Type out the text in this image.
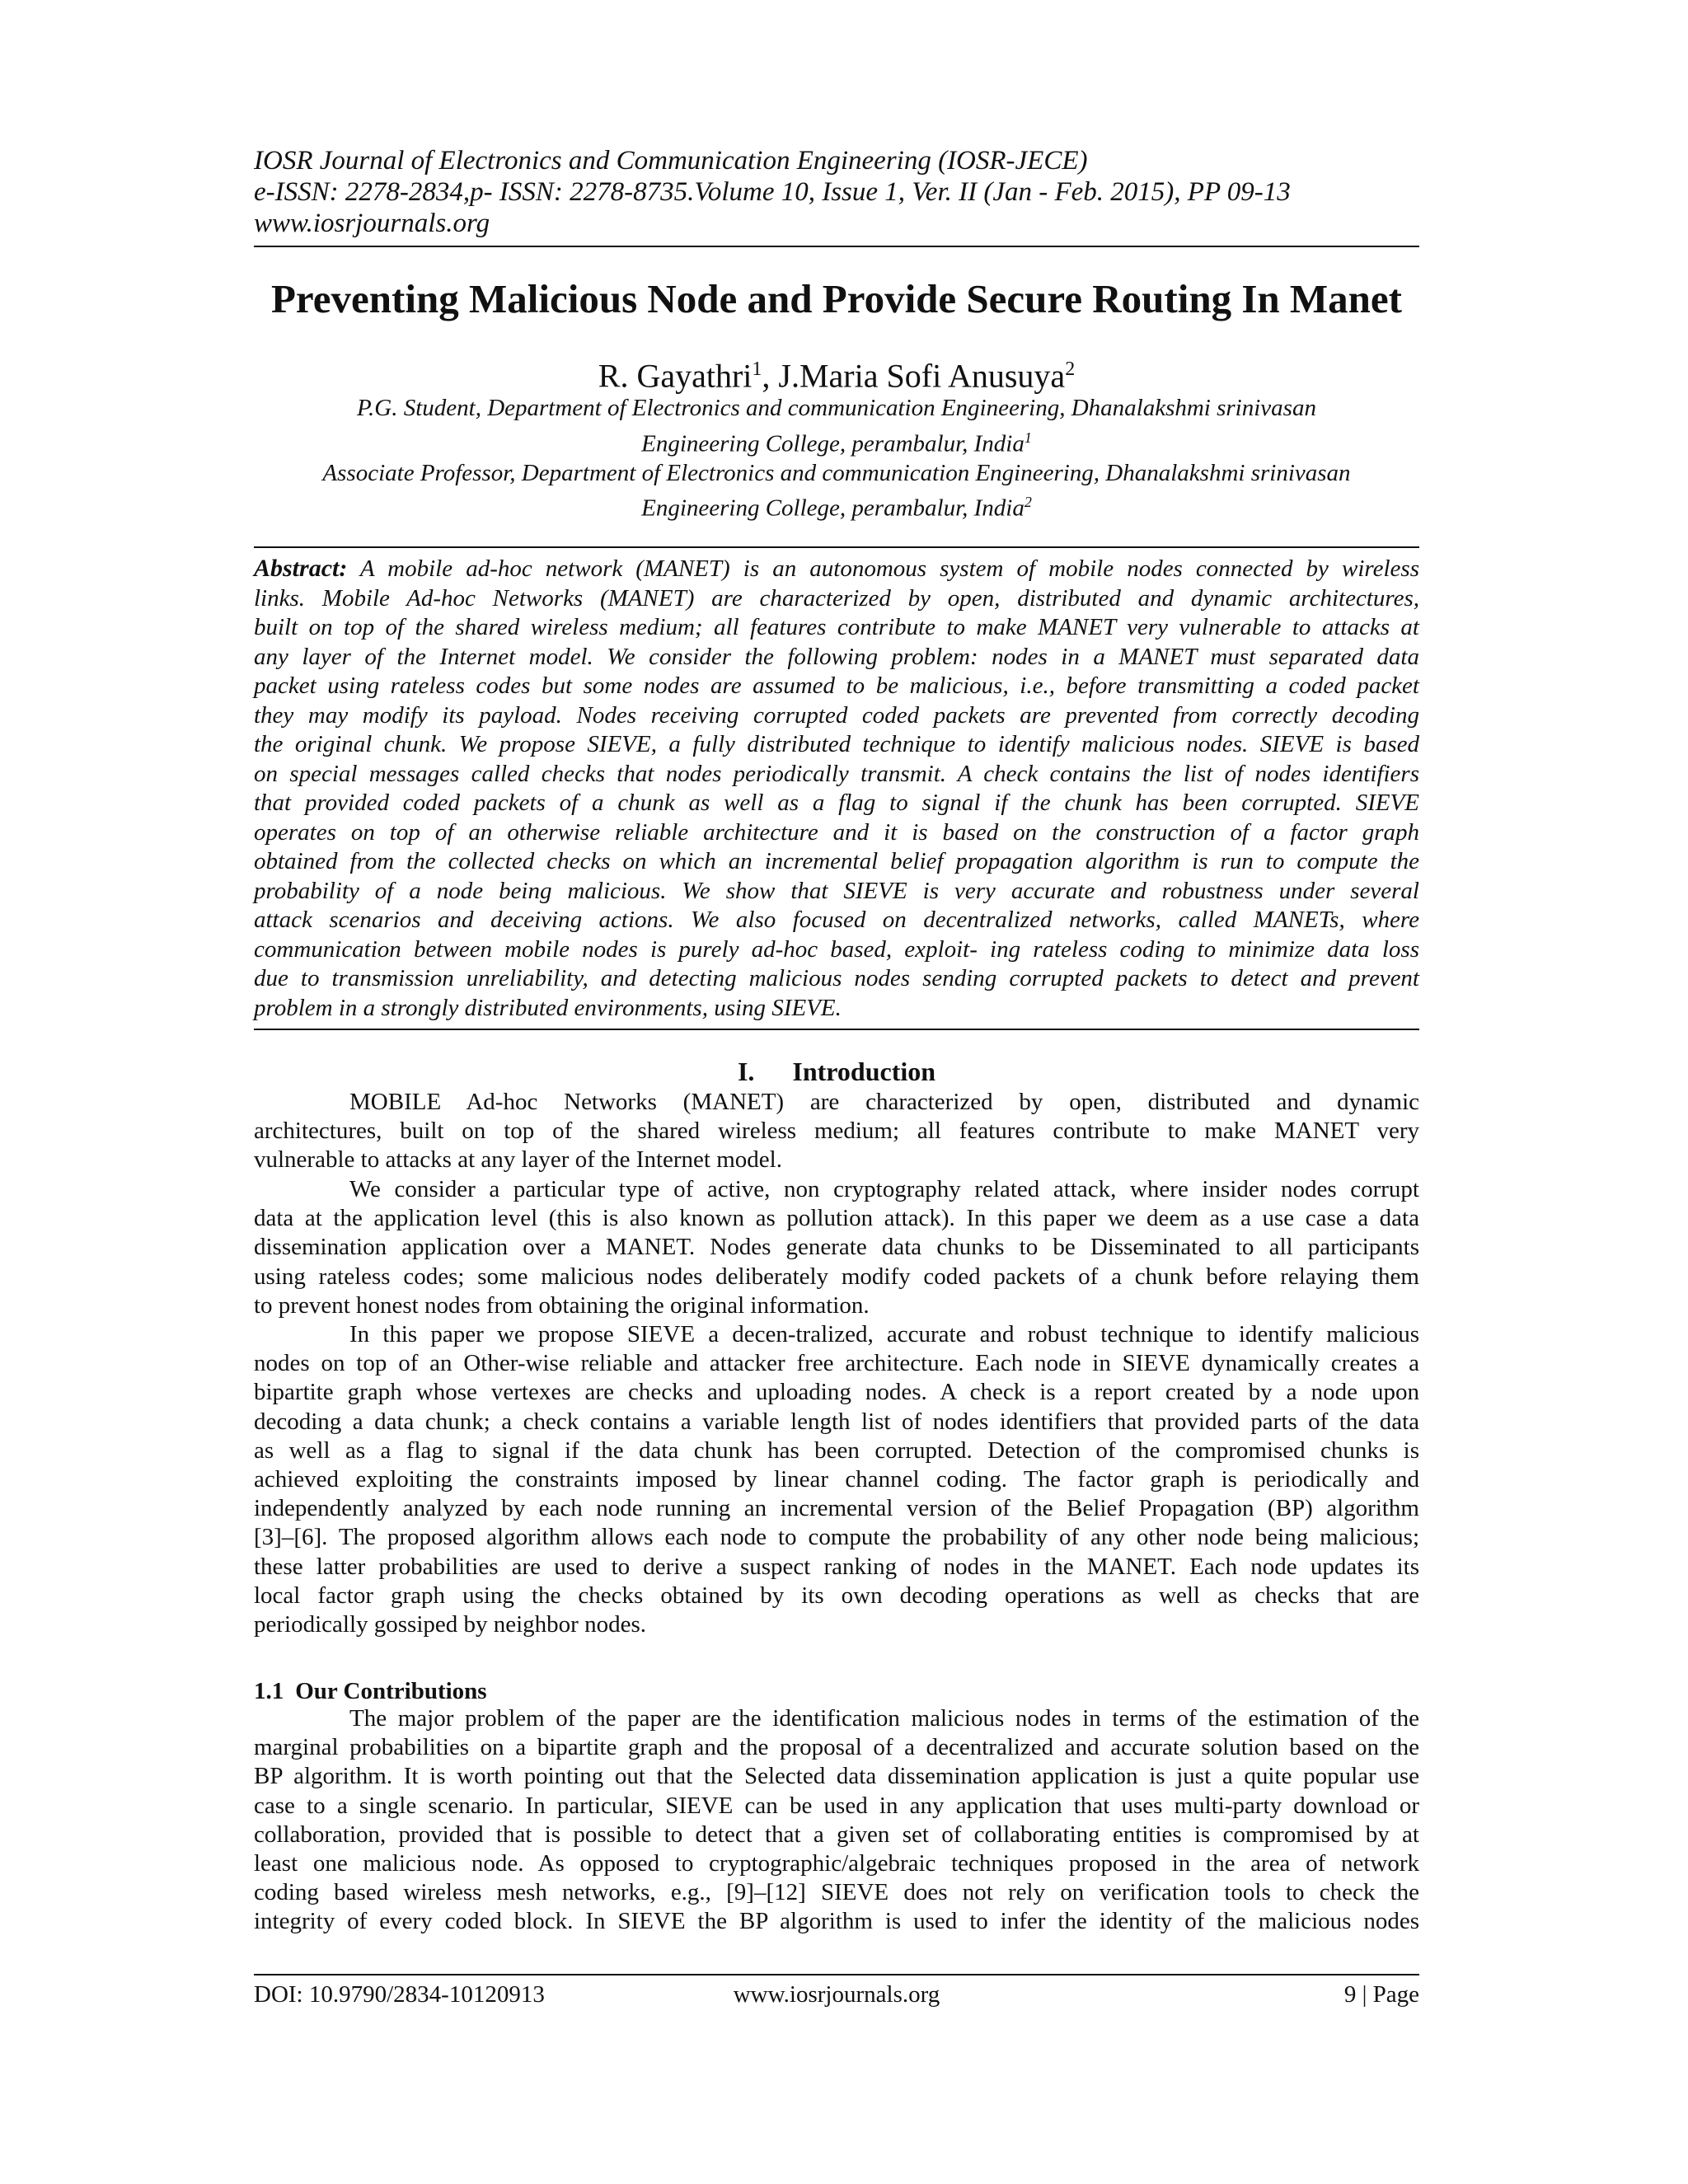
IOSR Journal of Electronics and Communication Engineering (IOSR-JECE)
e-ISSN: 2278-2834,p- ISSN: 2278-8735.Volume 10, Issue 1, Ver. II (Jan - Feb. 2015), PP 09-13
www.iosrjournals.org
Preventing Malicious Node and Provide Secure Routing In Manet
R. Gayathri$^1$, J.Maria Sofi Anusuya$^2$
P.G. Student, Department of Electronics and communication Engineering, Dhanalakshmi srinivasan
Engineering College, perambalur, India$^1$
Associate Professor, Department of Electronics and communication Engineering, Dhanalakshmi srinivasan
Engineering College, perambalur, India$^2$
Abstract: A mobile ad-hoc network (MANET) is an autonomous system of mobile nodes connected by wireless
links. Mobile Ad-hoc Networks (MANET) are characterized by open, distributed and dynamic architectures,
built on top of the shared wireless medium; all features contribute to make MANET very vulnerable to attacks at
any layer of the Internet model. We consider the following problem: nodes in a MANET must separated data
packet using rateless codes but some nodes are assumed to be malicious, i.e., before transmitting a coded packet
they may modify its payload. Nodes receiving corrupted coded packets are prevented from correctly decoding
the original chunk. We propose SIEVE, a fully distributed technique to identify malicious nodes. SIEVE is based
on special messages called checks that nodes periodically transmit. A check contains the list of nodes identifiers
that provided coded packets of a chunk as well as a flag to signal if the chunk has been corrupted. SIEVE
operates on top of an otherwise reliable architecture and it is based on the construction of a factor graph
obtained from the collected checks on which an incremental belief propagation algorithm is run to compute the
probability of a node being malicious. We show that SIEVE is very accurate and robustness under several
attack scenarios and deceiving actions. We also focused on decentralized networks, called MANETs, where
communication between mobile nodes is purely ad-hoc based, exploit- ing rateless coding to minimize data loss
due to transmission unreliability, and detecting malicious nodes sending corrupted packets to detect and prevent
problem in a strongly distributed environments, using SIEVE.
I. Introduction
MOBILE Ad-hoc Networks (MANET) are characterized by open, distributed and dynamic
architectures, built on top of the shared wireless medium; all features contribute to make MANET very
vulnerable to attacks at any layer of the Internet model.
We consider a particular type of active, non cryptography related attack, where insider nodes corrupt
data at the application level (this is also known as pollution attack). In this paper we deem as a use case a data
dissemination application over a MANET. Nodes generate data chunks to be Disseminated to all participants
using rateless codes; some malicious nodes deliberately modify coded packets of a chunk before relaying them
to prevent honest nodes from obtaining the original information.
In this paper we propose SIEVE a decen-tralized, accurate and robust technique to identify malicious
nodes on top of an Other-wise reliable and attacker free architecture. Each node in SIEVE dynamically creates a
bipartite graph whose vertexes are checks and uploading nodes. A check is a report created by a node upon
decoding a data chunk; a check contains a variable length list of nodes identifiers that provided parts of the data
as well as a flag to signal if the data chunk has been corrupted. Detection of the compromised chunks is
achieved exploiting the constraints imposed by linear channel coding. The factor graph is periodically and
independently analyzed by each node running an incremental version of the Belief Propagation (BP) algorithm
[3]–[6]. The proposed algorithm allows each node to compute the probability of any other node being malicious;
these latter probabilities are used to derive a suspect ranking of nodes in the MANET. Each node updates its
local factor graph using the checks obtained by its own decoding operations as well as checks that are
periodically gossiped by neighbor nodes.
1.1 Our Contributions
The major problem of the paper are the identification malicious nodes in terms of the estimation of the
marginal probabilities on a bipartite graph and the proposal of a decentralized and accurate solution based on the
BP algorithm. It is worth pointing out that the Selected data dissemination application is just a quite popular use
case to a single scenario. In particular, SIEVE can be used in any application that uses multi-party download or
collaboration, provided that is possible to detect that a given set of collaborating entities is compromised by at
least one malicious node. As opposed to cryptographic/algebraic techniques proposed in the area of network
coding based wireless mesh networks, e.g., [9]–[12] SIEVE does not rely on verification tools to check the
integrity of every coded block. In SIEVE the BP algorithm is used to infer the identity of the malicious nodes
DOI: 10.9790/2834-10120913	www.iosrjournals.org	9 | Page
